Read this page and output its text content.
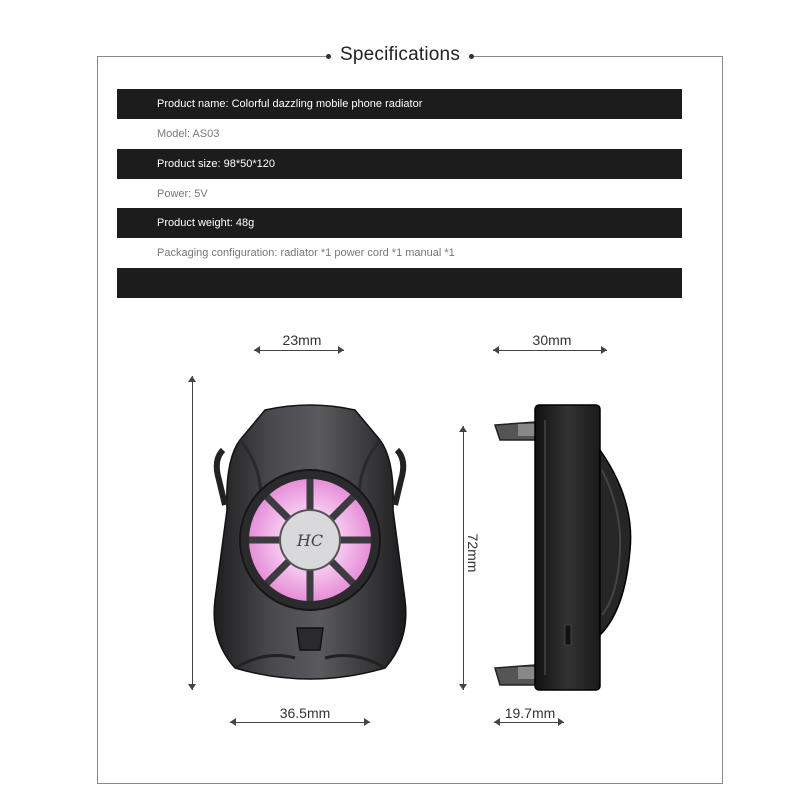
Specifications
Product name: Colorful dazzling mobile phone radiator
Model: AS03
Product size: 98*50*120
Power: 5V
Product weight: 48g
Packaging configuration: radiator *1 power cord *1 manual *1
23mm	30mm
72mm
36.5mm	19.7mm
HC
